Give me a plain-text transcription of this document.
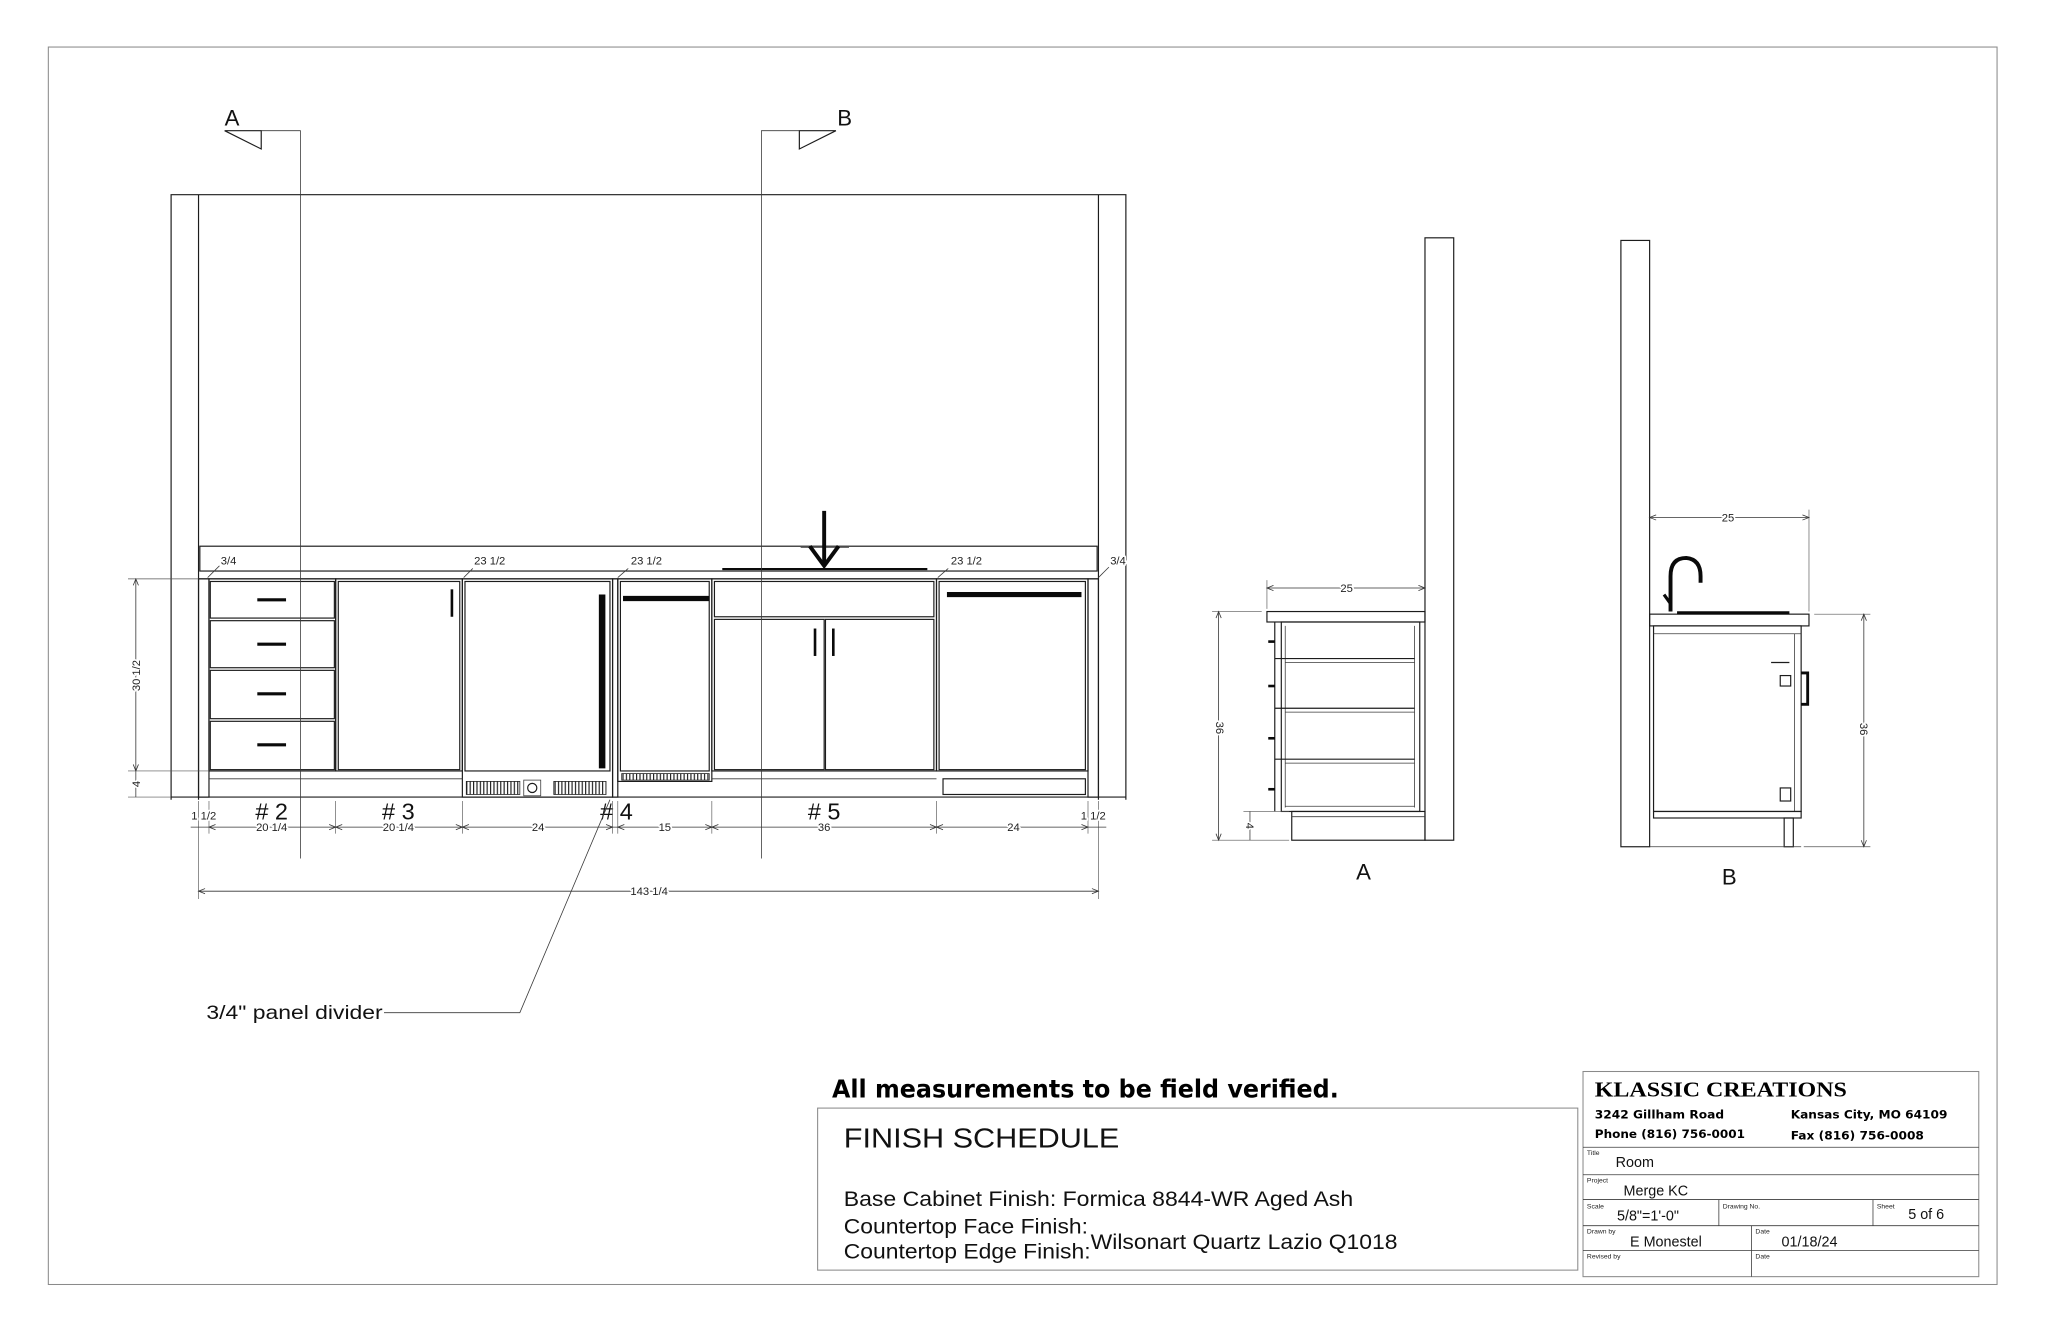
3/4	23 1/2	23 1/2	23 1/2	3/4
# 2	# 3	# 4	# 5
30 1/2
4
1 1/2
20 1/4	20 1/4	24	15	36	24
1 1/2
143 1/4
3/4" panel divider
A	B
25
36
4
A
25
36
B
All measurements to be field verified.
FINISH SCHEDULE
Base Cabinet Finish: Formica 8844-WR Aged Ash
Countertop Face Finish:
Countertop Edge Finish: Wilsonart Quartz Lazio Q1018
KLASSIC CREATIONS
3242 Gillham Road	Kansas City, MO 64109
Phone (816) 756-0001	Fax (816) 756-0008
Title
Room
Project
Merge KC
Scale
5/8"=1'-0"
Drawing No.	Sheet 5 of 6
Drawn by
E Monestel
Date
01/18/24
Revised by	Date
